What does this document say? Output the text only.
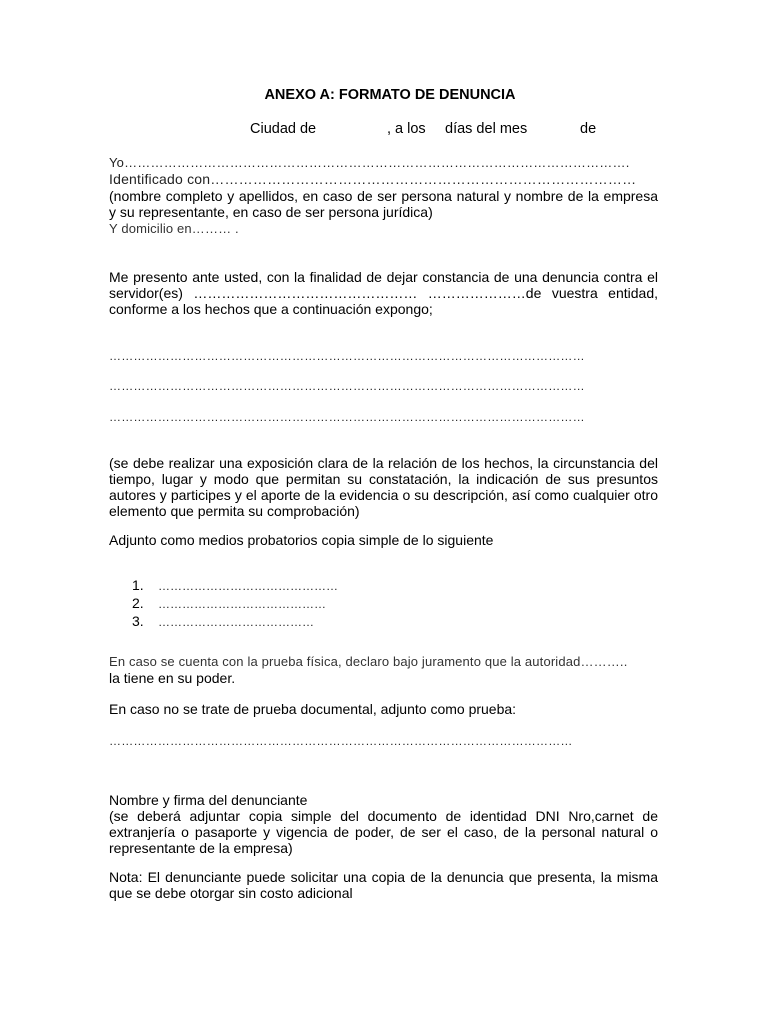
ANEXO A: FORMATO DE DENUNCIA
Ciudad de	, a los días del mes	de
Yo…………………………………………………………………………………………………….
Identificado con………………………………………………………………………………
(nombre completo y apellidos, en caso de ser persona natural y nombre de la empresa y su representante, en caso de ser persona jurídica)
Y domicilio en……… .
Me presento ante usted, con la finalidad de dejar constancia de una denuncia contra el servidor(es) ………………………………………… …………………de vuestra entidad, conforme a los hechos que a continuación expongo;
………………………………………………………………………………………………………
………………………………………………………………………………………………………
………………………………………………………………………………………………………
(se debe realizar una exposición clara de la relación de los hechos, la circunstancia del tiempo, lugar y modo que permitan su constatación, la indicación de sus presuntos autores y participes y el aporte de la evidencia o su descripción, así como cualquier otro elemento que permita su comprobación)
Adjunto como medios probatorios copia simple de lo siguiente
1. ………………………………………
2. ……………………………………
3. …………………………………
En caso se cuenta con la prueba física, declaro bajo juramento que la autoridad………..
la tiene en su poder.
En caso no se trate de prueba documental, adjunto como prueba:
……………………………………………………………………………………………………
Nombre y firma del denunciante
(se deberá adjuntar copia simple del documento de identidad DNI Nro,carnet de extranjería o pasaporte y vigencia de poder, de ser el caso, de la personal natural o representante de la empresa)
Nota: El denunciante puede solicitar una copia de la denuncia que presenta, la misma que se debe otorgar sin costo adicional
